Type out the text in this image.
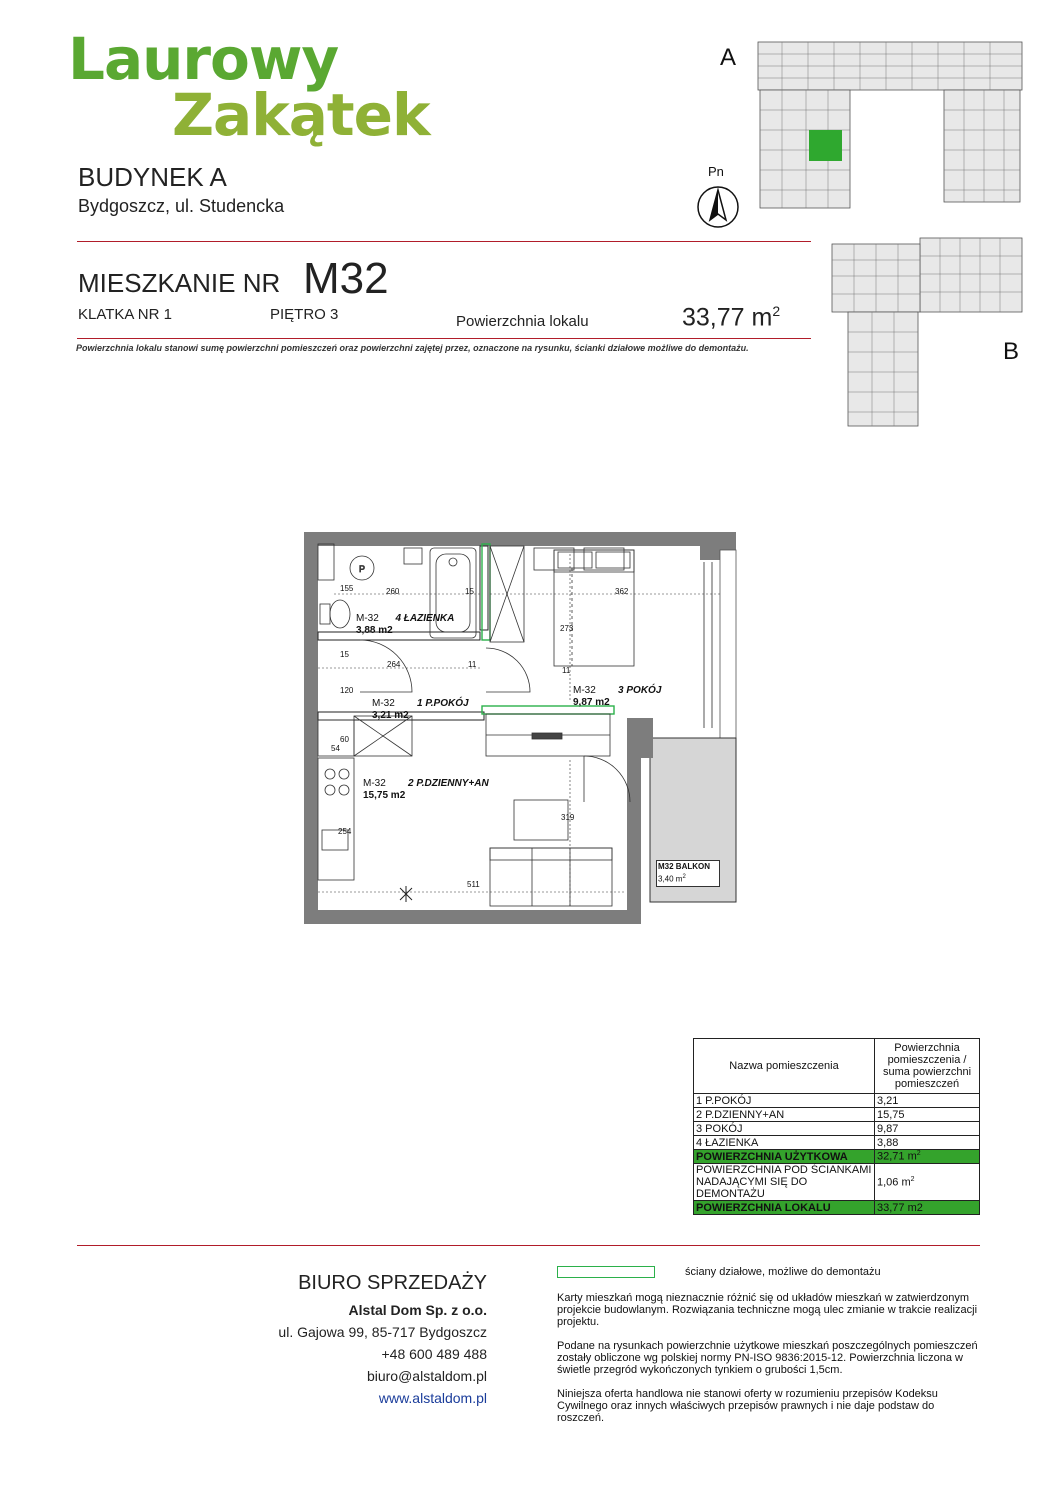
Laurowy
Zakątek
BUDYNEK A
Bydgoszcz, ul. Studencka
MIESZKANIE NR M32
KLATKA NR 1	PIĘTRO 3	Powierzchnia lokalu	33,77 $m^2$
Powierzchnia lokalu stanowi sumę powierzchni pomieszczeń oraz powierzchni zajętej przez, oznaczone na rysunku, ścianki działowe możliwe do demontażu.
A
B
Pn
P
M-32 4 ŁAZIENKA
3,88 m2
M-32 1 P.POKÓJ
3,21 m2
M-32 3 POKÓJ
9,87 m2
M-32 2 P.DZIENNY+AN
15,75 m2
M32 BALKON
3,40 $m^2$
155	260	15	362
273
15
264	11
120
11
60
54
319
254
511
Nazwa pomieszczenia	Powierzchnia pomieszczenia / suma powierzchni pomieszczeń
1 P.POKÓJ	3,21
2 P.DZIENNY+AN	15,75
3 POKÓJ	9,87
4 ŁAZIENKA	3,88
POWIERZCHNIA UŻYTKOWA	32,71 $m^2$
POWIERZCHNIA POD ŚCIANKAMI NADAJĄCYMI SIĘ DO DEMONTAŻU	1,06 $m^2$
POWIERZCHNIA LOKALU	33,77 m2
BIURO SPRZEDAŻY
Alstal Dom Sp. z o.o.
ul. Gajowa 99, 85-717 Bydgoszcz
+48 600 489 488
biuro@alstaldom.pl
www.alstaldom.pl
ściany działowe, możliwe do demontażu
Karty mieszkań mogą nieznacznie różnić się od układów mieszkań w zatwierdzonym projekcie budowlanym. Rozwiązania techniczne mogą ulec zmianie w trakcie realizacji projektu.
Podane na rysunkach powierzchnie użytkowe mieszkań poszczególnych pomieszczeń zostały obliczone wg polskiej normy PN-ISO 9836:2015-12. Powierzchnia liczona w świetle przegród wykończonych tynkiem o grubości 1,5cm.
Niniejsza oferta handlowa nie stanowi oferty w rozumieniu przepisów Kodeksu Cywilnego oraz innych właściwych przepisów prawnych i nie daje podstaw do roszczeń.
